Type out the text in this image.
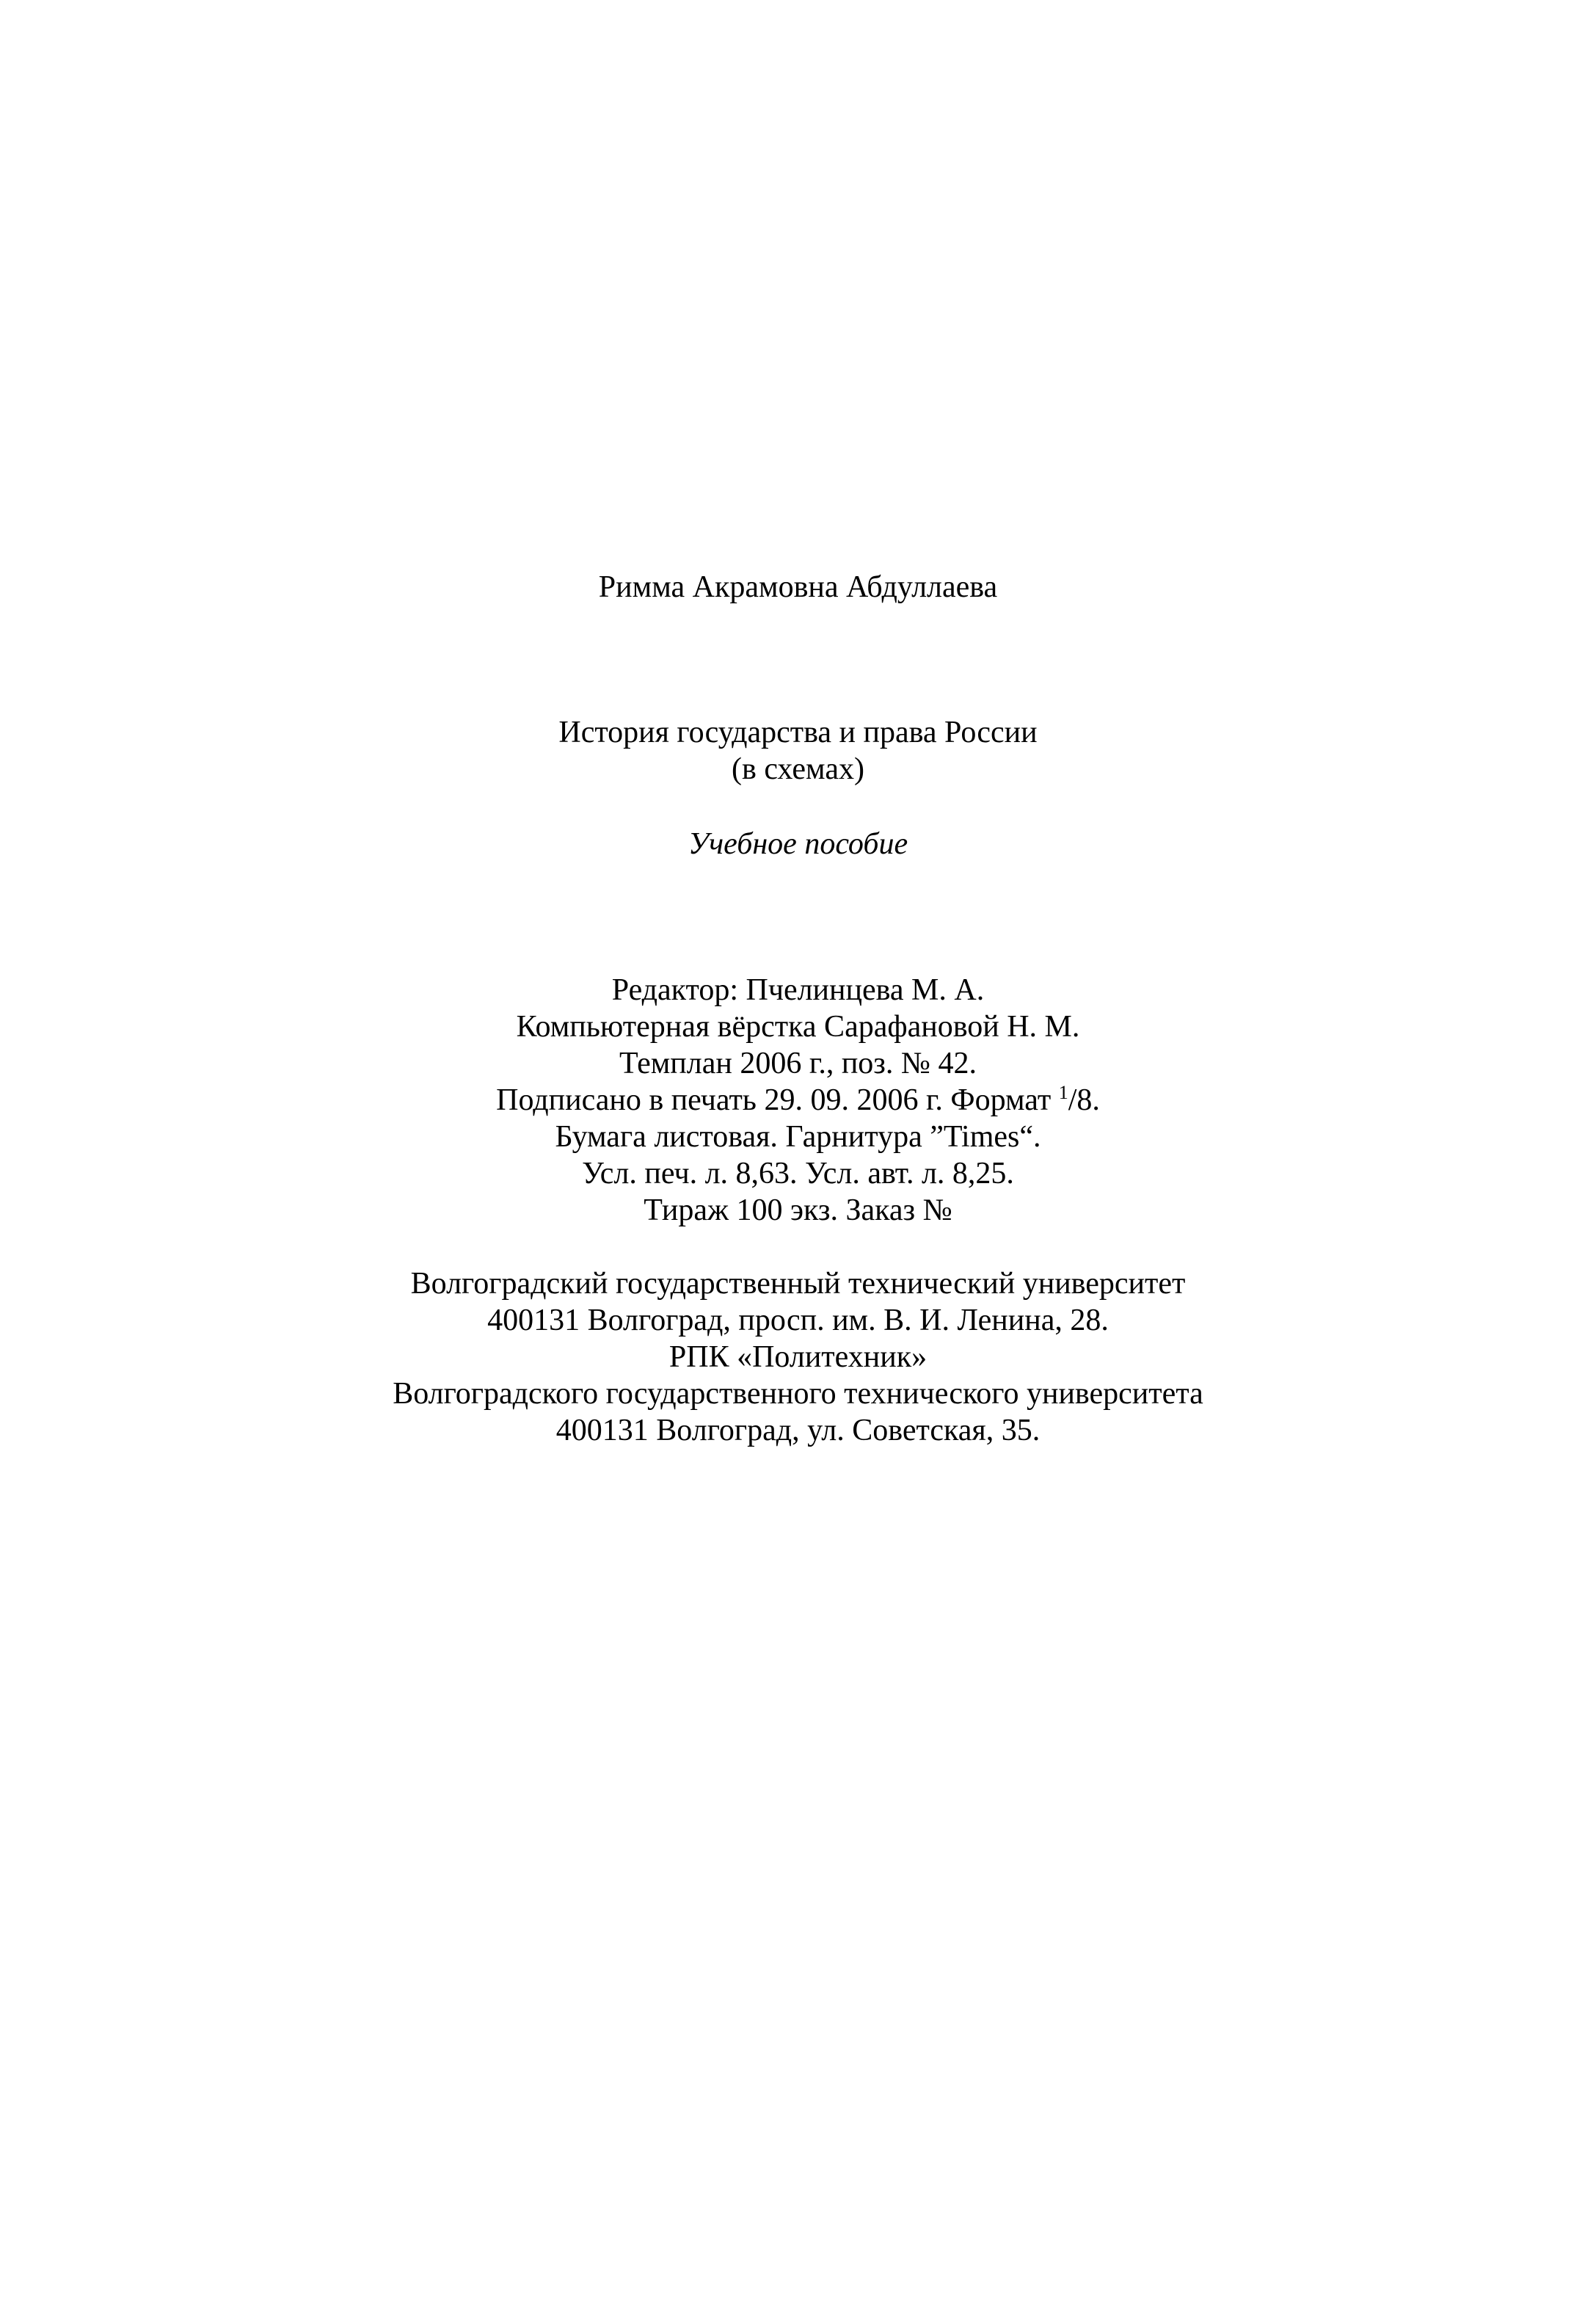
Римма Акрамовна Абдуллаева
История государства и права России
(в схемах)
Учебное пособие
Редактор: Пчелинцева М. А.
Компьютерная вёрстка Сарафановой Н. М.
Темплан 2006 г., поз. № 42.
Подписано в печать 29. 09. 2006 г. Формат $^1$/8.
Бумага листовая. Гарнитура ”Times“.
Усл. печ. л. 8,63. Усл. авт. л. 8,25.
Тираж 100 экз. Заказ №
Волгоградский государственный технический университет
400131 Волгоград, просп. им. В. И. Ленина, 28.
РПК «Политехник»
Волгоградского государственного технического университета
400131 Волгоград, ул. Советская, 35.
